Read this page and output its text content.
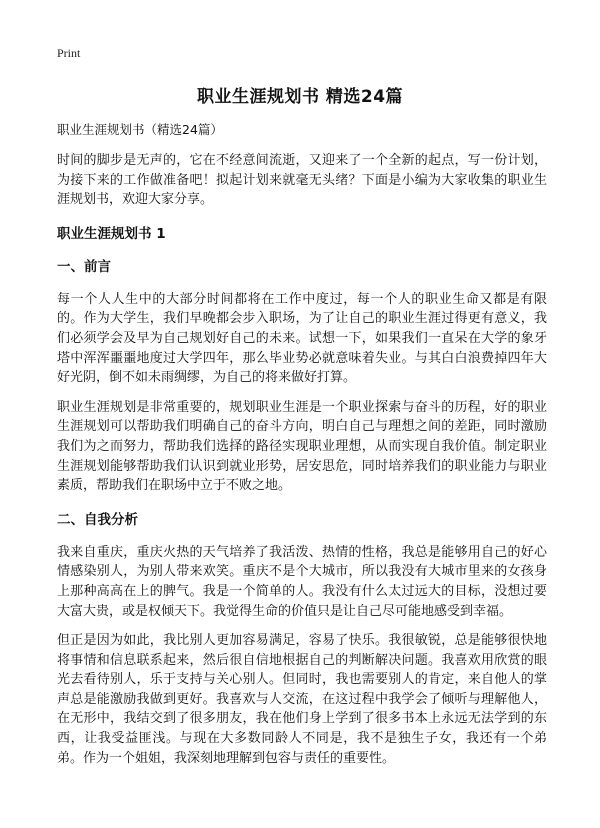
Print
职业生涯规划书 精选24篇

职业生涯规划书（精选24篇）

时间的脚步是无声的，它在不经意间流逝，又迎来了一个全新的起点，写一份计划，为接下来的工作做准备吧！拟起计划来就毫无头绪？下面是小编为大家收集的职业生涯规划书，欢迎大家分享。

职业生涯规划书 1
一、前言

每一个人人生中的大部分时间都将在工作中度过，每一个人的职业生命又都是有限的。作为大学生，我们早晚都会步入职场，为了让自己的职业生涯过得更有意义，我们必须学会及早为自己规划好自己的未来。试想一下，如果我们一直呆在大学的象牙塔中浑浑噩噩地度过大学四年，那么毕业势必就意味着失业。与其白白浪费掉四年大好光阴，倒不如未雨绸缪，为自己的将来做好打算。

职业生涯规划是非常重要的，规划职业生涯是一个职业探索与奋斗的历程，好的职业生涯规划可以帮助我们明确自己的奋斗方向，明白自己与理想之间的差距，同时激励我们为之而努力，帮助我们选择的路径实现职业理想，从而实现自我价值。制定职业生涯规划能够帮助我们认识到就业形势，居安思危，同时培养我们的职业能力与职业素质，帮助我们在职场中立于不败之地。

二、自我分析

我来自重庆，重庆火热的天气培养了我活泼、热情的性格，我总是能够用自己的好心情感染别人，为别人带来欢笑。重庆不是个大城市，所以我没有大城市里来的女孩身上那种高高在上的脾气。我是一个简单的人。我没有什么太过远大的目标，没想过要大富大贵，或是权倾天下。我觉得生命的价值只是让自己尽可能地感受到幸福。

但正是因为如此，我比别人更加容易满足，容易了快乐。我很敏锐，总是能够很快地将事情和信息联系起来，然后很自信地根据自己的判断解决问题。我喜欢用欣赏的眼光去看待别人，乐于支持与关心别人。但同时，我也需要别人的肯定，来自他人的掌声总是能激励我做到更好。我喜欢与人交流，在这过程中我学会了倾听与理解他人，在无形中，我结交到了很多朋友，我在他们身上学到了很多书本上永远无法学到的东西，让我受益匪浅。与现在大多数同龄人不同是，我不是独生子女，我还有一个弟弟。作为一个姐姐，我深刻地理解到包容与责任的重要性。
